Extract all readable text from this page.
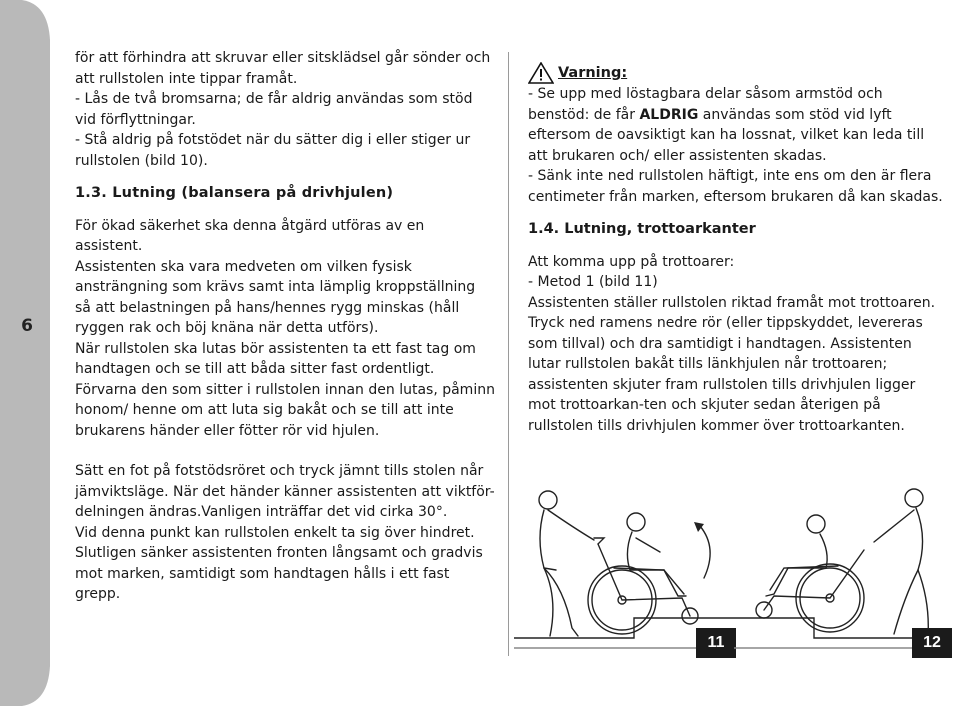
6

för att förhindra att skruvar eller sitsklädsel går sönder och att rullstolen inte tippar framåt.

- Lås de två bromsarna; de får aldrig användas som stöd vid förflyttningar.

- Stå aldrig på fotstödet när du sätter dig i eller stiger ur rullstolen (bild 10).

1.3. Lutning (balansera på drivhjulen)

För ökad säkerhet ska denna åtgärd utföras av en assistent.

Assistenten ska vara medveten om vilken fysisk ansträngning som krävs samt inta lämplig kroppställning så att belastningen på hans/hennes rygg minskas (håll ryggen rak och böj knäna när detta utförs).

När rullstolen ska lutas bör assistenten ta ett fast tag om handtagen och se till att båda sitter fast ordentligt. Förvarna den som sitter i rullstolen innan den lutas, påminn honom/ henne om att luta sig bakåt och se till att inte brukarens händer eller fötter rör vid hjulen.

Sätt en fot på fotstödsröret och tryck jämnt tills stolen når jämviktsläge. När det händer känner assistenten att viktför-delningen ändras.Vanligen inträffar det vid cirka 30°.

Vid denna punkt kan rullstolen enkelt ta sig över hindret.

Slutligen sänker assistenten fronten långsamt och gradvis mot marken, samtidigt som handtagen hålls i ett fast grepp.

Varning:

- Se upp med löstagbara delar såsom armstöd och benstöd: de får ALDRIG användas som stöd vid lyft eftersom de oavsiktigt kan ha lossnat, vilket kan leda till att brukaren och/ eller assistenten skadas.

- Sänk inte ned rullstolen häftigt, inte ens om den är flera centimeter från marken, eftersom brukaren då kan skadas.

1.4. Lutning, trottoarkanter

Att komma upp på trottoarer:

- Metod 1 (bild 11)

Assistenten ställer rullstolen riktad framåt mot trottoaren. Tryck ned ramens nedre rör (eller tippskyddet, levereras som tillval) och dra samtidigt i handtagen. Assistenten lutar rullstolen bakåt tills länkhjulen når trottoaren; assistenten skjuter fram rullstolen tills drivhjulen ligger mot trottoarkan-ten och skjuter sedan återigen på rullstolen tills drivhjulen kommer över trottoarkanten.

11	12
